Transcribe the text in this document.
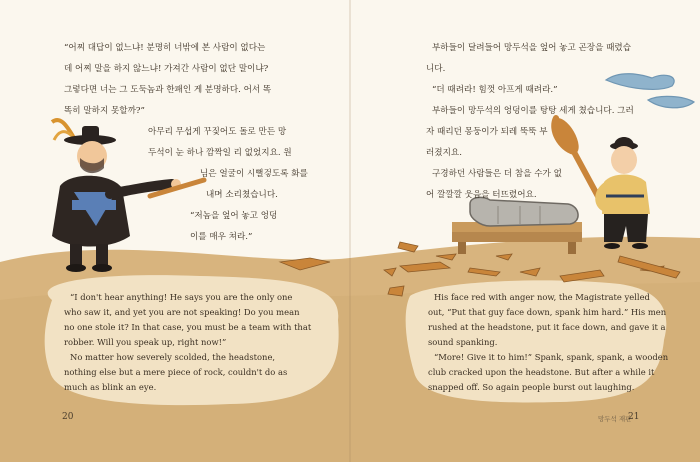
“어찌 대답이 없느냐! 분명히 너밖에 본 사람이 없다는

데 어찌 말을 하지 않느냐! 가져간 사람이 없단 말이냐?

그렇다면 너는 그 도둑놈과 한패인 게 분명하다. 어서 똑

똑히 말하지 못할까?”

아무리 무섭게 꾸짖어도 돌로 만든 망

두석이 눈 하나 깜짝일 리 없었지요. 원

님은 얼굴이 시뻘겋도록 화를

내며 소리쳤습니다.

“저놈을 엎어 놓고 엉덩

이를 매우 쳐라.”

“I don't hear anything! He says you are the only one

who saw it, and yet you are not speaking! Do you mean

no one stole it? In that case, you must be a team with that

robber. Will you speak up, right now!”

No matter how severely scolded, the headstone,

nothing else but a mere piece of rock, couldn't do as

much as blink an eye.

20

부하들이 달려들어 망두석을 엎어 놓고 곤장을 때렸습

니다.

“더 때려라! 힘껏 아프게 때려라.”

부하들이 망두석의 엉덩이를 탕탕 세게 쳤습니다. 그러

자 때리던 몽둥이가 되레 뚝뚝 부

러졌지요.

구경하던 사람들은 더 참을 수가 없

어 깔깔깔 웃음을 터뜨렸어요.

His face red with anger now, the Magistrate yelled

out, “Put that guy face down, spank him hard.” His men

rushed at the headstone, put it face down, and gave it a

sound spanking.

“More! Give it to him!” Spank, spank, spank, a wooden

club cracked upon the headstone. But after a while it

snapped off. So again people burst out laughing.

망두석 재판
21
